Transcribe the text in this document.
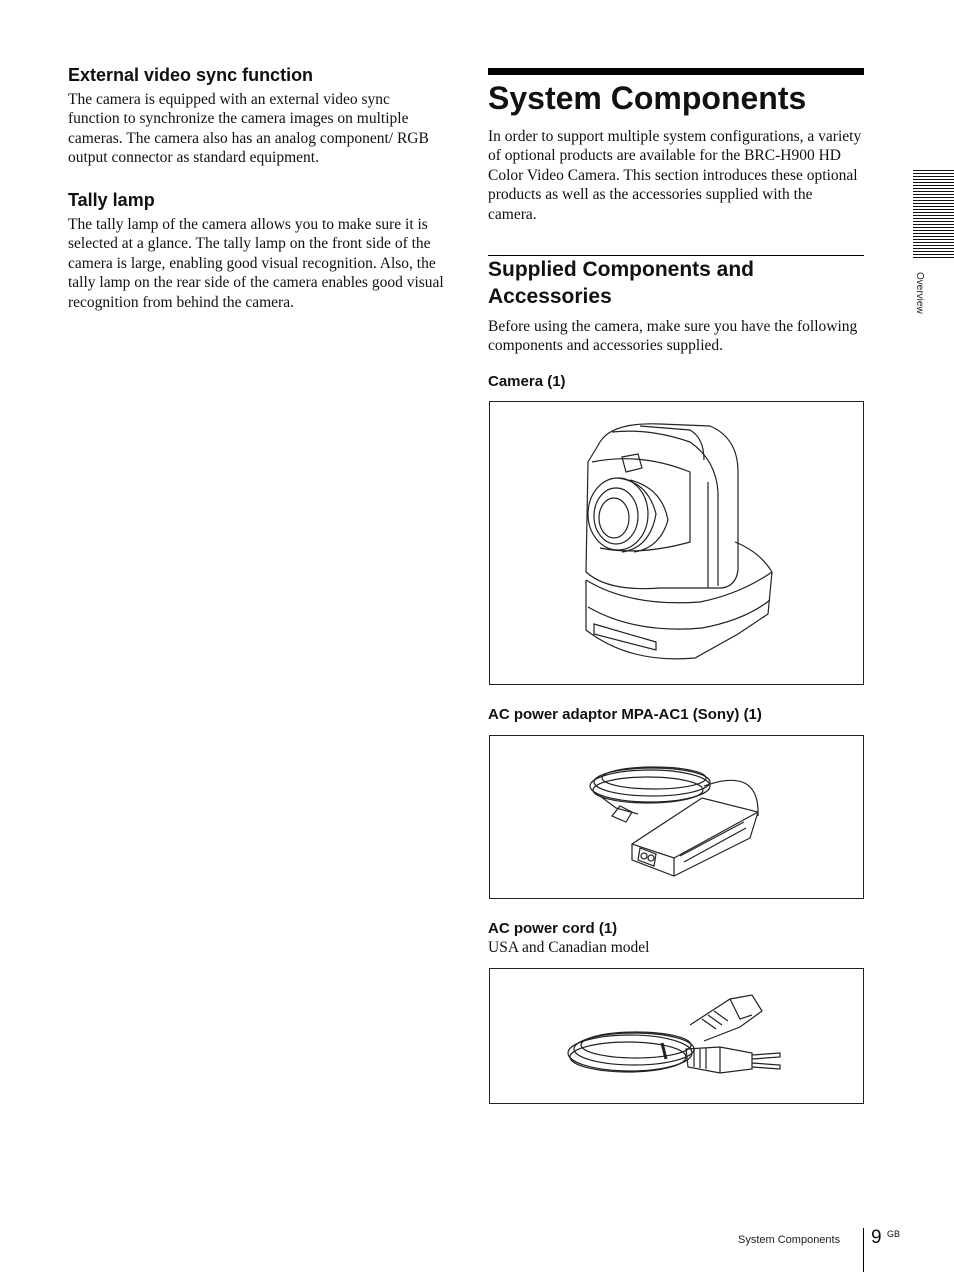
External video sync function

The camera is equipped with an external video sync function to synchronize the camera images on multiple cameras. The camera also has an analog component/ RGB output connector as standard equipment.

Tally lamp

The tally lamp of the camera allows you to make sure it is selected at a glance. The tally lamp on the front side of the camera is large, enabling good visual recognition. Also, the tally lamp on the rear side of the camera enables good visual recognition from behind the camera.

System Components

In order to support multiple system configurations, a variety of optional products are available for the BRC-H900 HD Color Video Camera. This section introduces these optional products as well as the accessories supplied with the camera.

Supplied Components and Accessories

Before using the camera, make sure you have the following components and accessories supplied.

Camera (1)
AC power adaptor MPA-AC1 (Sony) (1)
AC power cord (1)

USA and Canadian model

Overview
System Components 9 GB
